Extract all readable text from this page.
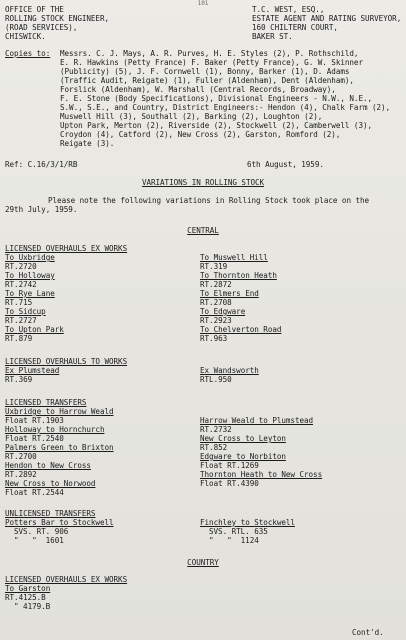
101
OFFICE OF THE
ROLLING STOCK ENGINEER,
(ROAD SERVICES),
CHISWICK.
T.C. WEST, ESQ.,
ESTATE AGENT AND RATING SURVEYOR,
160 CHILTERN COURT,
BAKER ST.
Copies to: Messrs. C. J. Mays, A. R. Purves, H. E. Styles (2), P. Rothschild,
E. R. Hawkins (Petty France) F. Baker (Petty France), G. W. Skinner
(Publicity) (5), J. F. Cornwell (1), Bonny, Barker (1), D. Adams
(Traffic Audit, Reigate) (1), Fuller (Aldenham), Dent (Aldenham),
Forslick (Aldenham), W. Marshall (Central Records, Broadway),
F. E. Stone (Body Specifications), Divisional Engineers - N.W., N.E.,
S.W., S.E., and Country, District Engineers:- Hendon (4), Chalk Farm (2),
Muswell Hill (3), Southall (2), Barking (2), Loughton (2),
Upton Park, Merton (2), Riverside (2), Stockwell (2), Camberwell (3),
Croydon (4), Catford (2), New Cross (2), Garston, Romford (2),
Reigate (3).
Ref: C.16/3/1/RB	6th August, 1959.
VARIATIONS IN ROLLING STOCK
Please note the following variations in Rolling Stock took place on the
29th July, 1959.
CENTRAL
LICENSED OVERHAULS EX WORKS
To Uxbridge
RT.2720
To Holloway
RT.2742
To Rye Lane
RT.715
To Sidcup
RT.2727
To Upton Park
RT.879
To Muswell Hill
RT.319
To Thornton Heath
RT.2872
To Elmers End
RT.2708
To Edgware
RT.2923
To Chelverton Road
RT.963
LICENSED OVERHAULS TO WORKS
Ex Plumstead
RT.369
Ex Wandsworth
RTL.950
LICENSED TRANSFERS
Uxbridge to Harrow Weald
Float RT.1903
Holloway to Hornchurch
Float RT.2540
Palmers Green to Brixton
RT.2700
Hendon to New Cross
RT.2892
New Cross to Norwood
Float RT.2544
Harrow Weald to Plumstead
RT.2732
New Cross to Leyton
RT.852
Edgware to Norbiton
Float RT.1269
Thornton Heath to New Cross
Float RT.4390
UNLICENSED TRANSFERS
Potters Bar to Stockwell
SVS. RT. 906
"   "  1601
Finchley to Stockwell
SVS. RTL. 635
"   "  1124
COUNTRY
LICENSED OVERHAULS EX WORKS
To Garston
RT.4125.B
" 4179.B
Cont'd.
